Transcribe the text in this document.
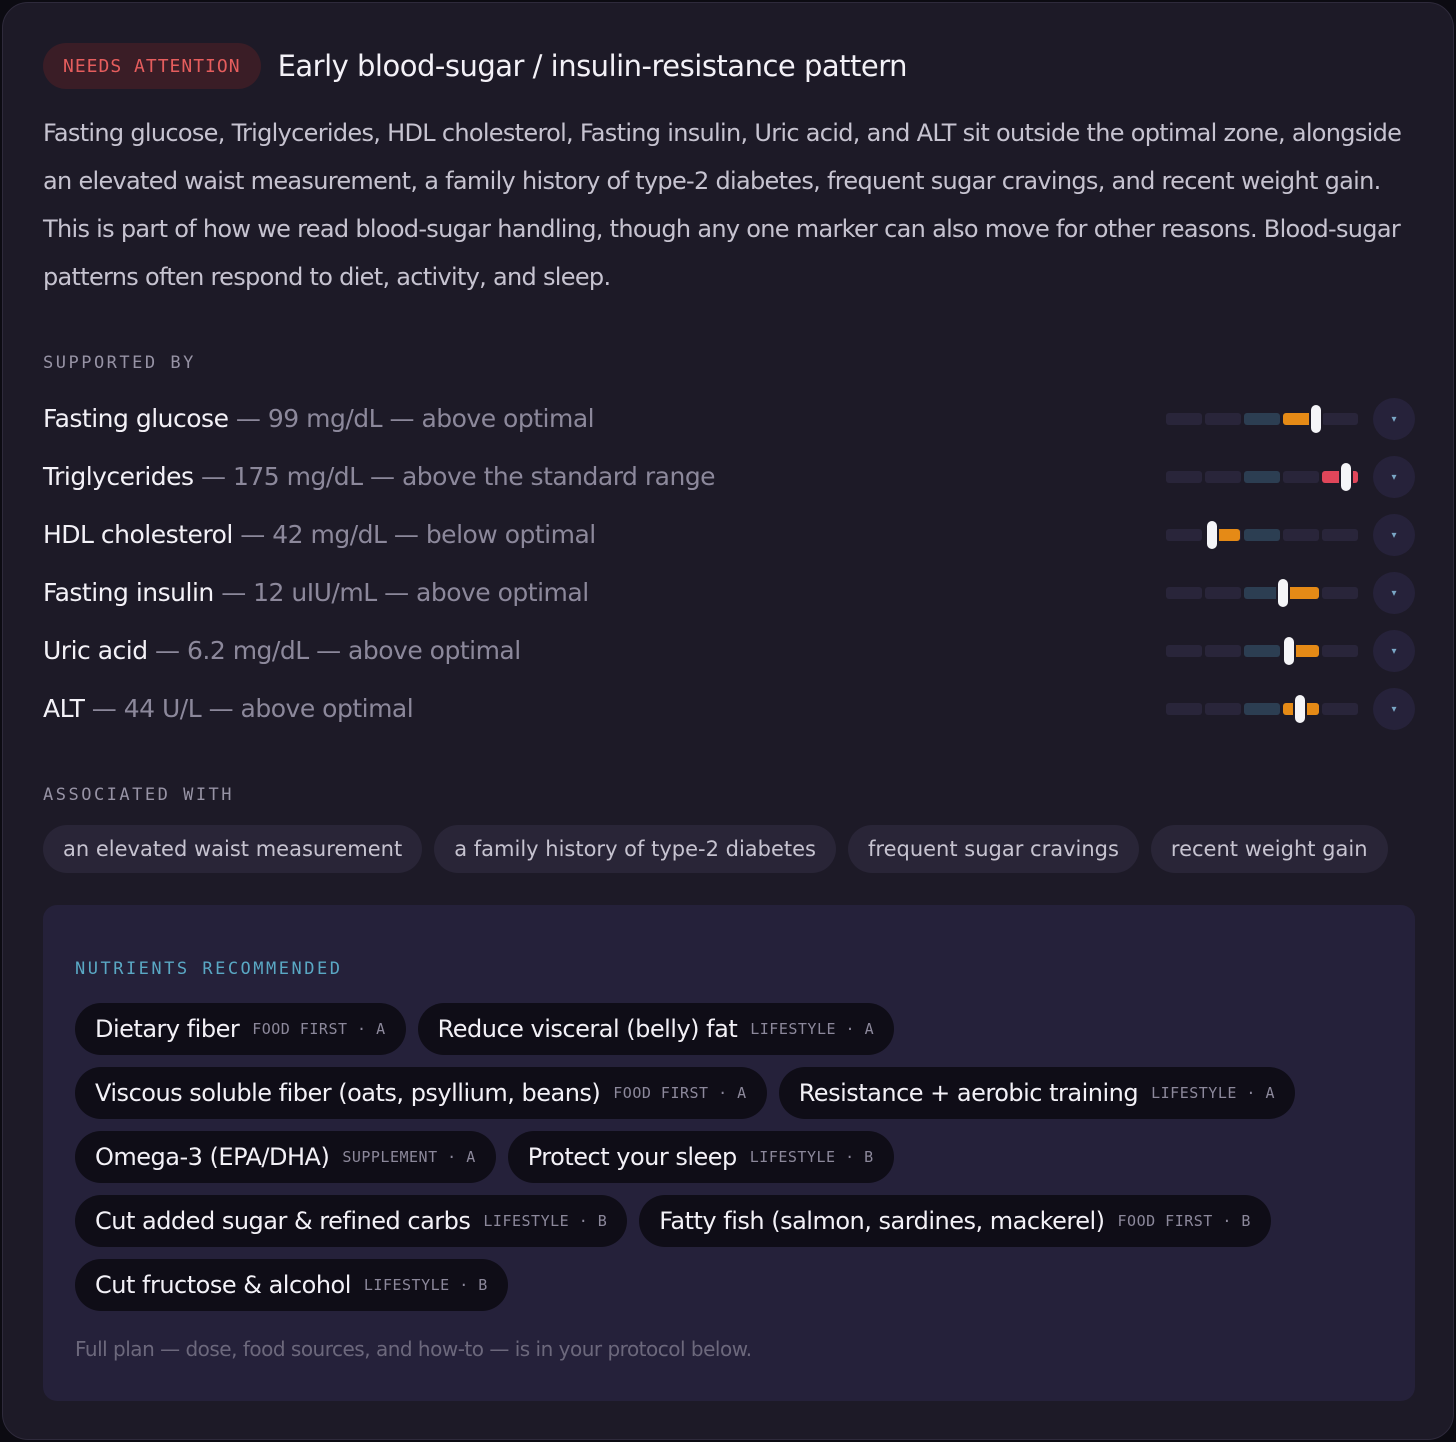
NEEDS ATTENTION	Early blood-sugar / insulin-resistance pattern

Fasting glucose, Triglycerides, HDL cholesterol, Fasting insulin, Uric acid, and ALT sit outside the optimal zone, alongside an elevated waist measurement, a family history of type-2 diabetes, frequent sugar cravings, and recent weight gain. This is part of how we read blood-sugar handling, though any one marker can also move for other reasons. Blood-sugar patterns often respond to diet, activity, and sleep.

SUPPORTED BY
Fasting glucose — 99 mg/dL — above optimal	▾
Triglycerides — 175 mg/dL — above the standard range	▾
HDL cholesterol — 42 mg/dL — below optimal	▾
Fasting insulin — 12 uIU/mL — above optimal	▾
Uric acid — 6.2 mg/dL — above optimal	▾
ALT — 44 U/L — above optimal	▾
ASSOCIATED WITH
an elevated waist measurement	a family history of type-2 diabetes	frequent sugar cravings	recent weight gain
NUTRIENTS RECOMMENDED
Dietary fiber FOOD FIRST · A Reduce visceral (belly) fat LIFESTYLE · A
Viscous soluble fiber (oats, psyllium, beans) FOOD FIRST · A Resistance + aerobic training LIFESTYLE · A
Omega-3 (EPA/DHA) SUPPLEMENT · A Protect your sleep LIFESTYLE · B
Cut added sugar & refined carbs LIFESTYLE · B Fatty fish (salmon, sardines, mackerel) FOOD FIRST · B
Cut fructose & alcohol LIFESTYLE · B

Full plan — dose, food sources, and how-to — is in your protocol below.
